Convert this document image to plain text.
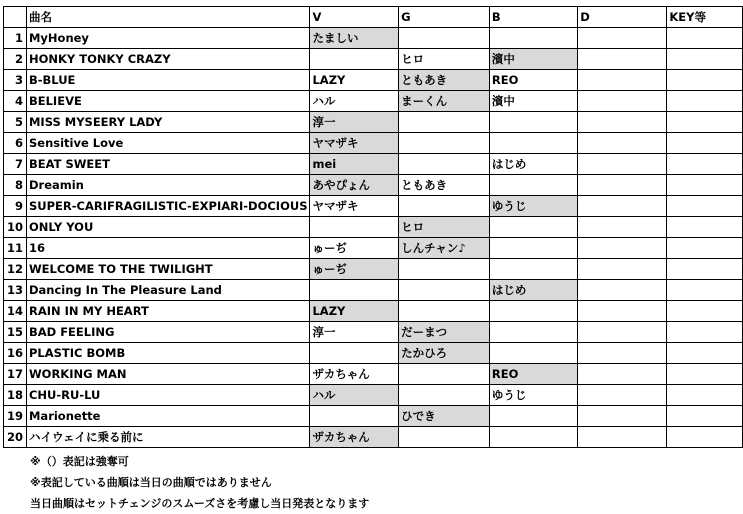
	曲名	V	G	B	D	KEY等
1	MyHoney	たましい				
2	HONKY TONKY CRAZY		ヒロ	濱中		
3	B-BLUE	LAZY	ともあき	REO		
4	BELIEVE	ハル	まーくん	濱中		
5	MISS MYSEERY LADY	淳一				
6	Sensitive Love	ヤマザキ				
7	BEAT SWEET	mei		はじめ		
8	Dreamin	あやぴょん	ともあき			
9	SUPER-CARIFRAGILISTIC-EXPIARI-DOCIOUS	ヤマザキ		ゆうじ		
10	ONLY YOU		ヒロ			
11	16	ゅーぢ	しんチャン♪			
12	WELCOME TO THE TWILIGHT	ゅーぢ				
13	Dancing In The Pleasure Land			はじめ		
14	RAIN IN MY HEART	LAZY				
15	BAD FEELING	淳一	だーまつ			
16	PLASTIC BOMB		たかひろ			
17	WORKING MAN	ザカちゃん		REO		
18	CHU-RU-LU	ハル		ゆうじ		
19	Marionette		ひでき			
20	ハイウェイに乗る前に	ザカちゃん				
※（）表記は強奪可
※表記している曲順は当日の曲順ではありません
当日曲順はセットチェンジのスムーズさを考慮し当日発表となります
